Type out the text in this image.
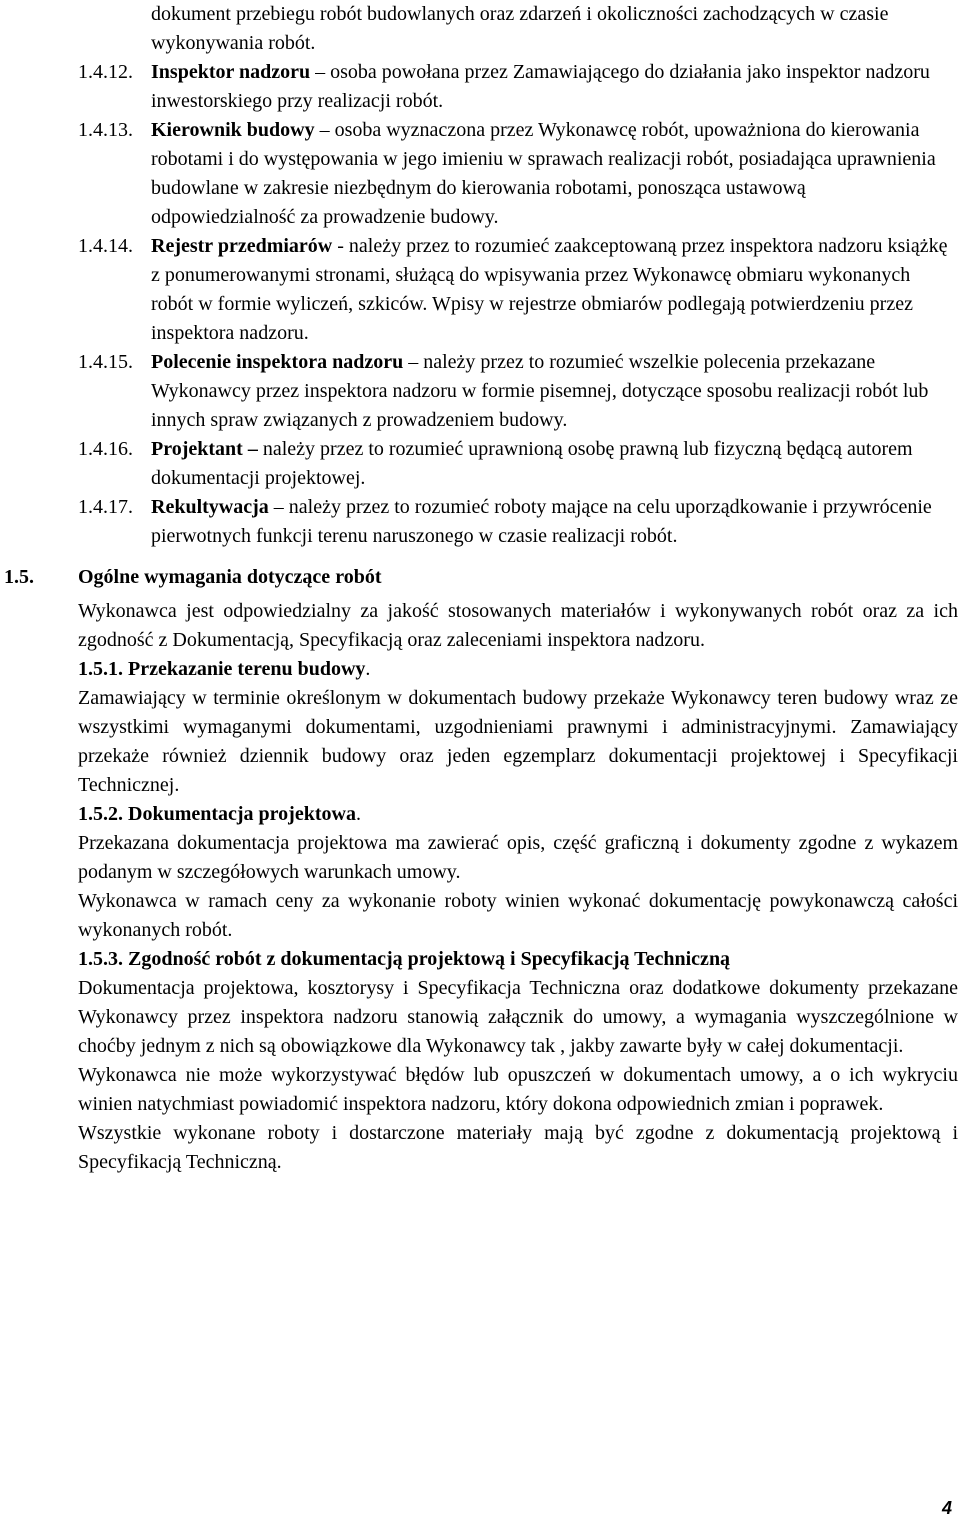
dokument przebiegu robót budowlanych oraz zdarzeń i okoliczności zachodzących w czasie wykonywania robót.
1.4.12. Inspektor nadzoru – osoba powołana przez Zamawiającego do działania jako inspektor nadzoru inwestorskiego przy realizacji robót.
1.4.13. Kierownik budowy – osoba wyznaczona przez Wykonawcę robót, upoważniona do kierowania robotami i do występowania w jego imieniu w sprawach realizacji robót, posiadająca uprawnienia budowlane w zakresie niezbędnym do kierowania robotami, ponosząca ustawową odpowiedzialność za prowadzenie budowy.
1.4.14. Rejestr przedmiarów - należy przez to rozumieć zaakceptowaną przez inspektora nadzoru książkę z ponumerowanymi stronami, służącą do wpisywania przez Wykonawcę obmiaru wykonanych robót w formie wyliczeń, szkiców. Wpisy w rejestrze obmiarów podlegają potwierdzeniu przez inspektora nadzoru.
1.4.15. Polecenie inspektora nadzoru – należy przez to rozumieć wszelkie polecenia przekazane Wykonawcy przez inspektora nadzoru w formie pisemnej, dotyczące sposobu realizacji robót lub innych spraw związanych z prowadzeniem budowy.
1.4.16. Projektant – należy przez to rozumieć uprawnioną osobę prawną lub fizyczną będącą autorem dokumentacji projektowej.
1.4.17. Rekultywacja – należy przez to rozumieć roboty mające na celu uporządkowanie i przywrócenie pierwotnych funkcji terenu naruszonego w czasie realizacji robót.
1.5. Ogólne wymagania dotyczące robót
Wykonawca jest odpowiedzialny za jakość stosowanych materiałów i wykonywanych robót oraz za ich zgodność z Dokumentacją, Specyfikacją oraz zaleceniami inspektora nadzoru.
1.5.1. Przekazanie terenu budowy.
Zamawiający w terminie określonym w dokumentach budowy przekaże Wykonawcy teren budowy wraz ze wszystkimi wymaganymi dokumentami, uzgodnieniami prawnymi i administracyjnymi. Zamawiający przekaże również dziennik budowy oraz jeden egzemplarz dokumentacji projektowej i Specyfikacji Technicznej.
1.5.2. Dokumentacja projektowa.
Przekazana dokumentacja projektowa ma zawierać opis, część graficzną i dokumenty zgodne z wykazem podanym w szczegółowych warunkach umowy.
Wykonawca w ramach ceny za wykonanie roboty winien wykonać dokumentację powykonawczą całości wykonanych robót.
1.5.3. Zgodność robót z dokumentacją projektową i Specyfikacją Techniczną
Dokumentacja projektowa, kosztorysy i Specyfikacja Techniczna oraz dodatkowe dokumenty przekazane Wykonawcy przez inspektora nadzoru stanowią załącznik do umowy, a wymagania wyszczególnione w choćby jednym z nich są obowiązkowe dla Wykonawcy tak , jakby zawarte były w całej dokumentacji.
Wykonawca nie może wykorzystywać błędów lub opuszczeń w dokumentach umowy, a o ich wykryciu winien natychmiast powiadomić inspektora nadzoru, który dokona odpowiednich zmian i poprawek.
Wszystkie wykonane roboty i dostarczone materiały mają być zgodne z dokumentacją projektową i Specyfikacją Techniczną.
4
